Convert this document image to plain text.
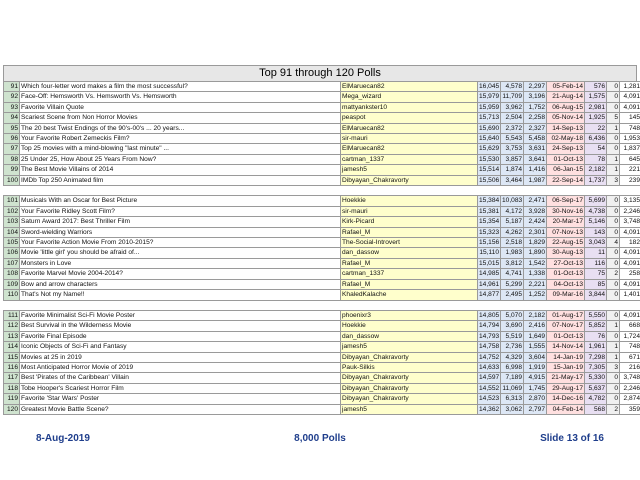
Top 91 through 120 Polls
91	Which four-letter word makes a film the most successful?	ElMaruecan82	16,045	4,578	2,297	05-Feb-14	576	0	1,281
92	Face-Off: Hemsworth Vs. Hemsworth Vs. Hemsworth	Mega_wizard	15,979	11,709	3,196	21-Aug-14	1,575	0	4,091
93	Favorite Villain Quote	mattyankster10	15,959	3,962	1,752	06-Aug-15	2,981	0	4,091
94	Scariest Scene from Non Horror Movies	peaspot	15,713	2,504	2,258	05-Nov-14	1,925	5	145
95	The 20 best Twist Endings of the 90's-00's ... 20 years...	ElMaruecan82	15,690	2,372	2,327	14-Sep-13	22	1	748
96	Your Favorite Robert Zemeckis Film?	sir-mauri	15,640	5,543	5,458	02-May-18	6,436	0	1,953
97	Top 25 movies with a mind-blowing "last minute" ...	ElMaruecan82	15,629	3,753	3,631	24-Sep-13	54	0	1,837
98	25 Under 25, How About 25 Years From Now?	cartman_1337	15,530	3,857	3,641	01-Oct-13	78	1	645
99	The Best Movie Villains of 2014	jamesh5	15,514	1,874	1,416	06-Jan-15	2,182	1	221
100	IMDb Top 250 Animated film	Dibyayan_Chakravorty	15,506	3,464	1,987	22-Sep-14	1,737	3	239

101	Musicals With an Oscar for Best Picture	Hoekkie	15,384	10,083	2,471	06-Sep-17	5,699	0	3,135
102	Your Favorite Ridley Scott Film?	sir-mauri	15,381	4,172	3,928	30-Nov-16	4,738	0	2,246
103	Saturn Award 2017: Best Thriller Film	Kirk-Picard	15,354	5,187	2,424	20-Mar-17	5,146	0	3,748
104	Sword-wielding Warriors	Rafael_M	15,323	4,262	2,301	07-Nov-13	143	0	4,091
105	Your Favorite Action Movie From 2010-2015?	The-Social-Introvert	15,156	2,518	1,829	22-Aug-15	3,043	4	182
106	Movie 'little girl' you should be afraid of...	dan_dassow	15,110	1,983	1,890	30-Aug-13	11	0	4,091
107	Monsters in Love	Rafael_M	15,015	3,812	1,542	27-Oct-13	116	0	4,091
108	Favorite Marvel Movie 2004-2014?	cartman_1337	14,985	4,741	1,338	01-Oct-13	75	2	258
109	Bow and arrow characters	Rafael_M	14,961	5,299	2,221	04-Oct-13	85	0	4,091
110	That's Not my Name!!	KhaledKalache	14,877	2,495	1,252	09-Mar-16	3,844	0	1,401

111	Favorite Minimalist Sci-Fi Movie Poster	phoenixr3	14,805	5,070	2,182	01-Aug-17	5,550	0	4,091
112	Best Survival in the Wilderness Movie	Hoekkie	14,794	3,690	2,416	07-Nov-17	5,852	1	668
113	Favorite Final Episode	dan_dassow	14,793	5,519	1,649	01-Oct-13	76	0	1,724
114	Iconic Objects of Sci-Fi and Fantasy	jamesh5	14,758	2,736	1,555	14-Nov-14	1,961	1	748
115	Movies at 25 in 2019	Dibyayan_Chakravorty	14,752	4,329	3,604	14-Jan-19	7,298	1	671
116	Most Anticipated Horror Movie of 2019	Pauk-Silkis	14,633	6,998	1,919	15-Jan-19	7,305	3	216
117	Best 'Pirates of the Caribbean' Villain	Dibyayan_Chakravorty	14,597	7,189	4,915	21-May-17	5,330	0	3,748
118	Tobe Hooper's Scariest Horror Film	Dibyayan_Chakravorty	14,552	11,069	1,745	29-Aug-17	5,637	0	2,246
119	Favorite 'Star Wars' Poster	Dibyayan_Chakravorty	14,523	6,313	2,870	14-Dec-16	4,782	0	2,874
120	Greatest Movie Battle Scene?	jamesh5	14,362	3,062	2,797	04-Feb-14	568	2	359
8-Aug-2019	8,000 Polls	Slide 13 of 16
